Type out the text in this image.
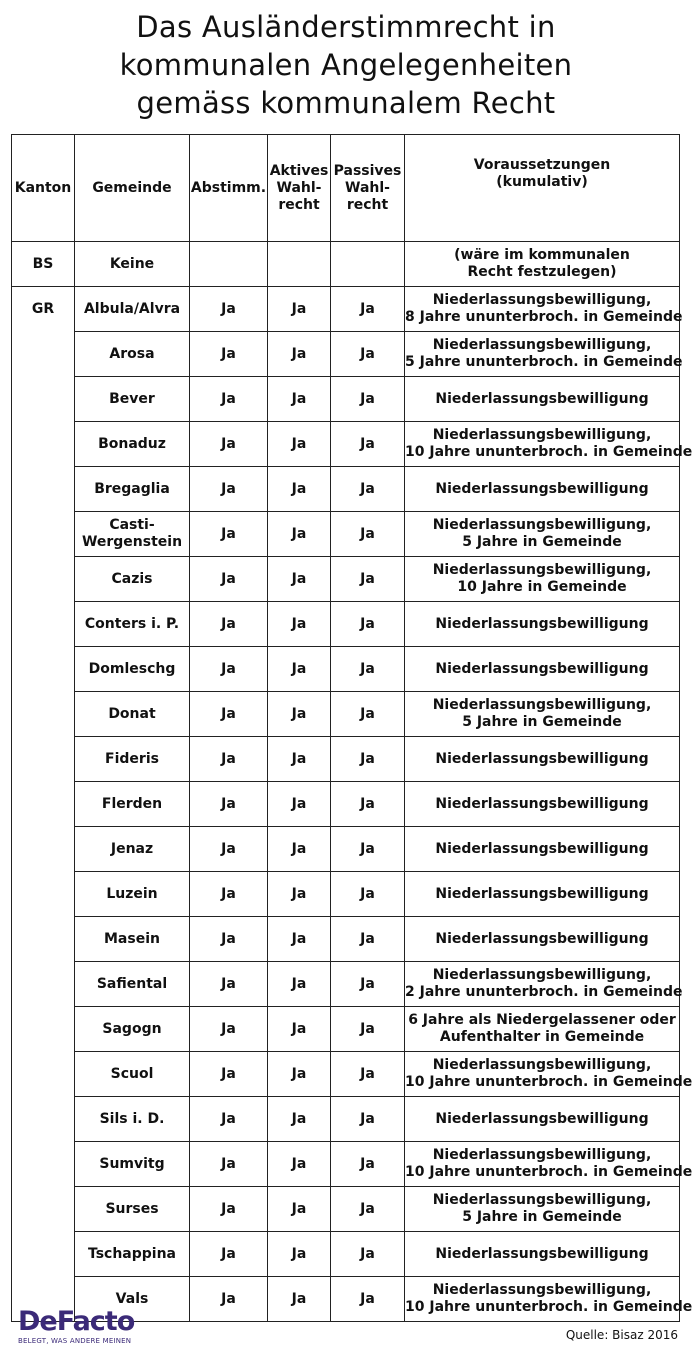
Das Ausländerstimmrecht in
kommunalen Angelegenheiten
gemäss kommunalem Recht
Kanton	Gemeinde	Abstimm.	Aktives
Wahl-
recht	Passives
Wahl-
recht	Voraussetzungen
(kumulativ)

BS	Keine				(wäre im kommunalen
Recht festzulegen)

GR	Albula/Alvra	Ja	Ja	Ja	Niederlassungsbewilligung,
8 Jahre ununterbroch. in Gemeinde

	Arosa	Ja	Ja	Ja	Niederlassungsbewilligung,
5 Jahre ununterbroch. in Gemeinde

	Bever	Ja	Ja	Ja	Niederlassungsbewilligung

	Bonaduz	Ja	Ja	Ja	Niederlassungsbewilligung,
10 Jahre ununterbroch. in Gemeinde

	Bregaglia	Ja	Ja	Ja	Niederlassungsbewilligung

	Casti-
Wergenstein	Ja	Ja	Ja	Niederlassungsbewilligung,
5 Jahre in Gemeinde

	Cazis	Ja	Ja	Ja	Niederlassungsbewilligung,
10 Jahre in Gemeinde

	Conters i. P.	Ja	Ja	Ja	Niederlassungsbewilligung

	Domleschg	Ja	Ja	Ja	Niederlassungsbewilligung

	Donat	Ja	Ja	Ja	Niederlassungsbewilligung,
5 Jahre in Gemeinde

	Fideris	Ja	Ja	Ja	Niederlassungsbewilligung

	Flerden	Ja	Ja	Ja	Niederlassungsbewilligung

	Jenaz	Ja	Ja	Ja	Niederlassungsbewilligung

	Luzein	Ja	Ja	Ja	Niederlassungsbewilligung

	Masein	Ja	Ja	Ja	Niederlassungsbewilligung

	Safiental	Ja	Ja	Ja	Niederlassungsbewilligung,
2 Jahre ununterbroch. in Gemeinde

	Sagogn	Ja	Ja	Ja	6 Jahre als Niedergelassener oder
Aufenthalter in Gemeinde

	Scuol	Ja	Ja	Ja	Niederlassungsbewilligung,
10 Jahre ununterbroch. in Gemeinde

	Sils i. D.	Ja	Ja	Ja	Niederlassungsbewilligung

	Sumvitg	Ja	Ja	Ja	Niederlassungsbewilligung,
10 Jahre ununterbroch. in Gemeinde

	Surses	Ja	Ja	Ja	Niederlassungsbewilligung,
5 Jahre in Gemeinde

	Tschappina	Ja	Ja	Ja	Niederlassungsbewilligung

	Vals	Ja	Ja	Ja	Niederlassungsbewilligung,
10 Jahre ununterbroch. in Gemeinde
DeFacto
BELEGT, WAS ANDERE MEINEN	Quelle: Bisaz 2016
